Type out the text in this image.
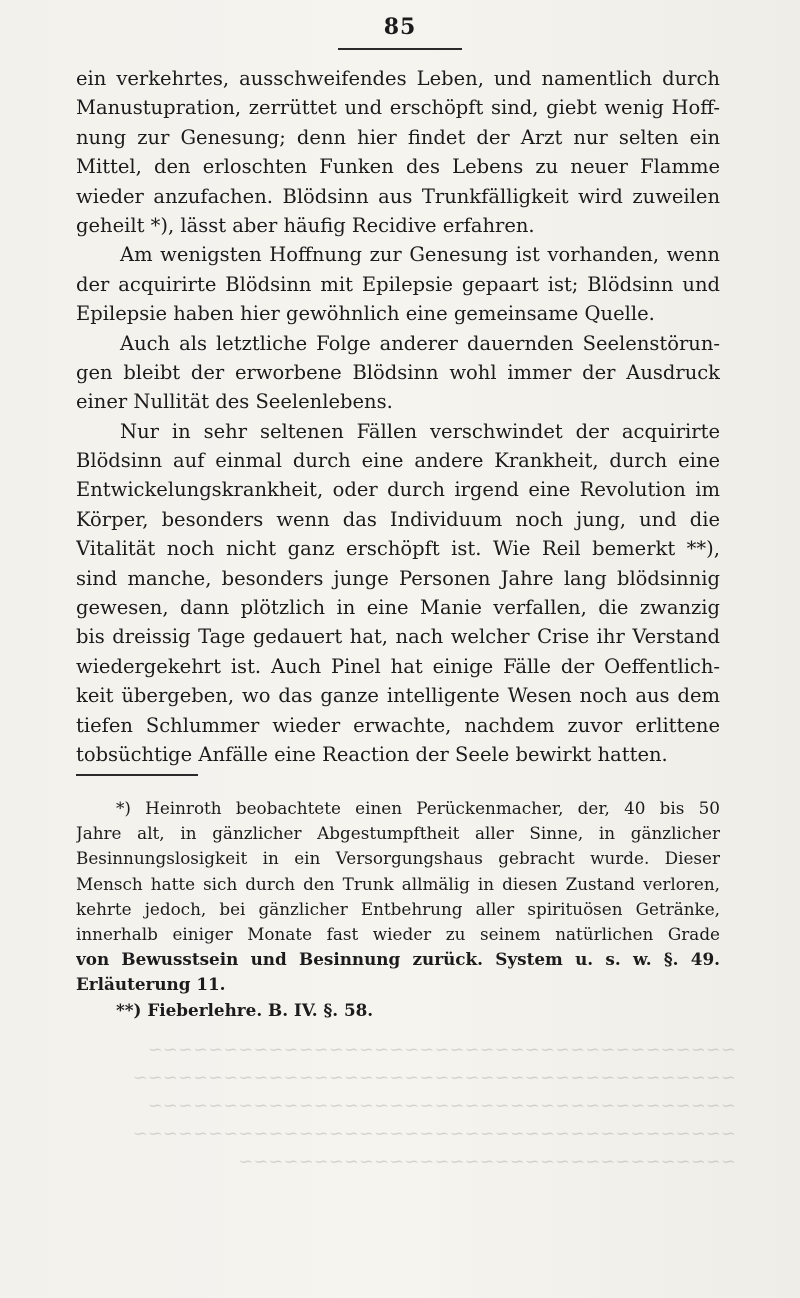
85
ein verkehrtes, ausschweifendes Leben, und namentlich durch
Manustupration, zerrüttet und erschöpft sind, giebt wenig Hoff-
nung zur Genesung; denn hier findet der Arzt nur selten ein
Mittel, den erloschten Funken des Lebens zu neuer Flamme
wieder anzufachen. Blödsinn aus Trunkfälligkeit wird zuweilen
geheilt *), lässt aber häufig Recidive erfahren.
Am wenigsten Hoffnung zur Genesung ist vorhanden, wenn
der acquirirte Blödsinn mit Epilepsie gepaart ist; Blödsinn und
Epilepsie haben hier gewöhnlich eine gemeinsame Quelle.
Auch als letztliche Folge anderer dauernden Seelenstörun-
gen bleibt der erworbene Blödsinn wohl immer der Ausdruck
einer Nullität des Seelenlebens.
Nur in sehr seltenen Fällen verschwindet der acquirirte
Blödsinn auf einmal durch eine andere Krankheit, durch eine
Entwickelungskrankheit, oder durch irgend eine Revolution im
Körper, besonders wenn das Individuum noch jung, und die
Vitalität noch nicht ganz erschöpft ist. Wie Reil bemerkt **),
sind manche, besonders junge Personen Jahre lang blödsinnig
gewesen, dann plötzlich in eine Manie verfallen, die zwanzig
bis dreissig Tage gedauert hat, nach welcher Crise ihr Verstand
wiedergekehrt ist. Auch Pinel hat einige Fälle der Oeffentlich-
keit übergeben, wo das ganze intelligente Wesen noch aus dem
tiefen Schlummer wieder erwachte, nachdem zuvor erlittene
tobsüchtige Anfälle eine Reaction der Seele bewirkt hatten.
*) Heinroth beobachtete einen Perückenmacher, der, 40 bis 50
Jahre alt, in gänzlicher Abgestumpftheit aller Sinne, in gänzlicher
Besinnungslosigkeit in ein Versorgungshaus gebracht wurde. Dieser
Mensch hatte sich durch den Trunk allmälig in diesen Zustand verloren,
kehrte jedoch, bei gänzlicher Entbehrung aller spirituösen Getränke,
innerhalb einiger Monate fast wieder zu seinem natürlichen Grade
von Bewusstsein und Besinnung zurück. System u. s. w. §. 49.
Erläuterung 11.
**) Fieberlehre. B. IV. §. 58.
~~~~~~~~~~~~~~~~~~~~~~~~~~~~~~~~~~~~~~~
~~~~~~~~~~~~~~~~~~~~~~~~~~~~~~~~~~~~~~~~
~~~~~~~~~~~~~~~~~~~~~~~~~~~~~~~~~~~~~~~
~~~~~~~~~~~~~~~~~~~~~~~~~~~~~~~~~~~~~~~~
~~~~~~~~~~~~~~~~~~~~~~~~~~~~~~~~~
